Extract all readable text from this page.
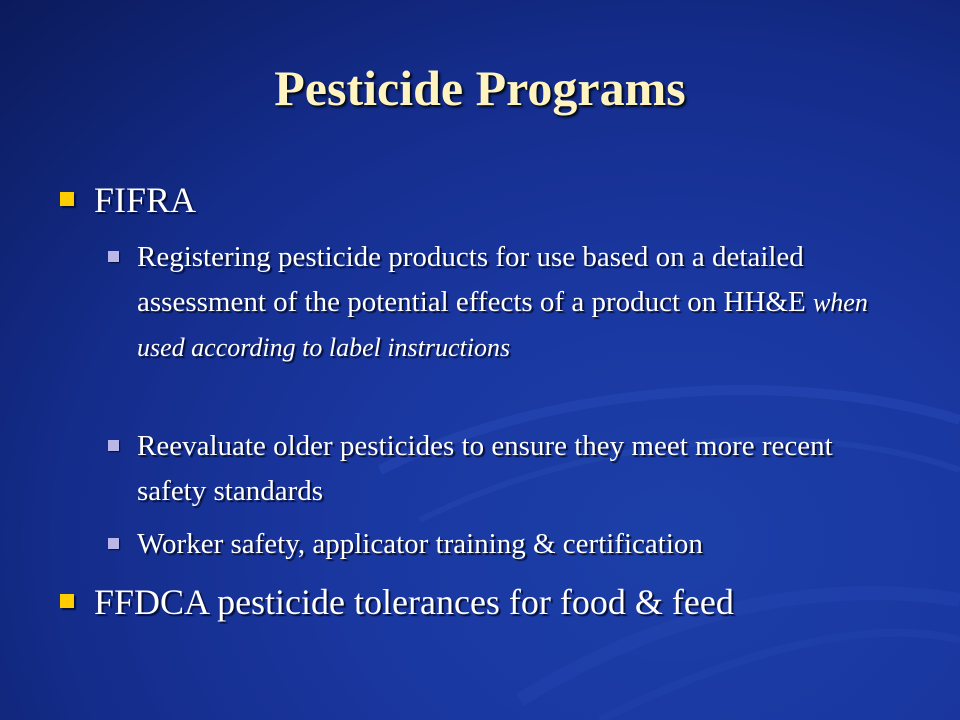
Pesticide Programs
FIFRA
Registering pesticide products for use based on a detailed assessment of the potential effects of a product on HH&E when used according to label instructions
Reevaluate older pesticides to ensure they meet more recent safety standards
Worker safety, applicator training & certification
FFDCA pesticide tolerances for food & feed
